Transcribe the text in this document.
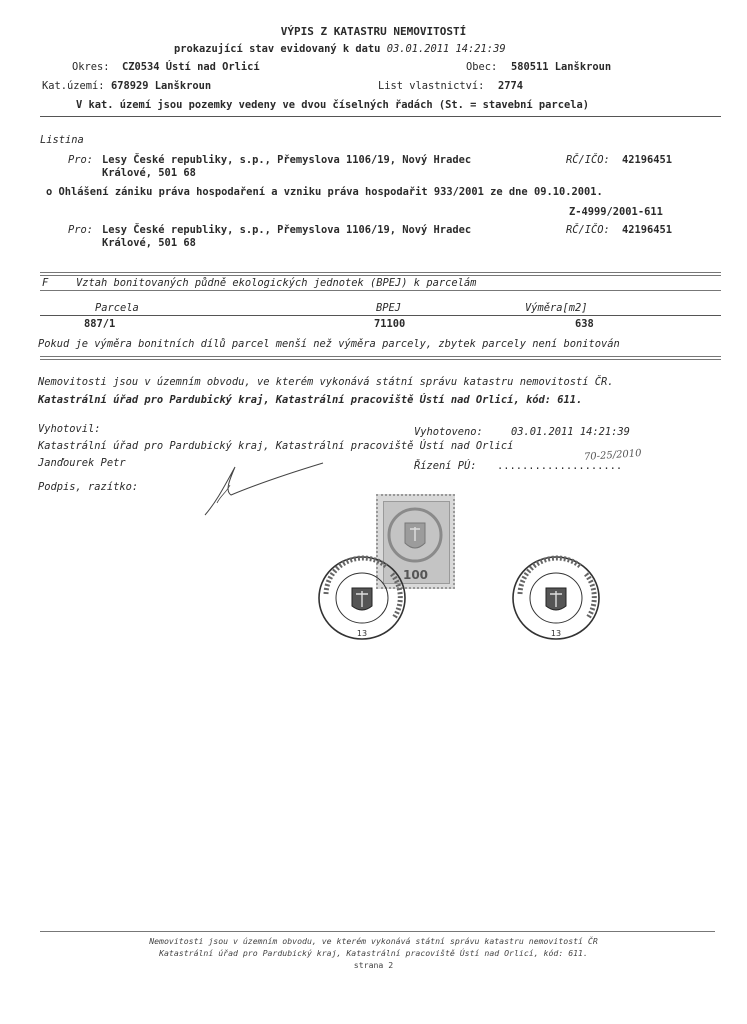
VÝPIS Z KATASTRU NEMOVITOSTÍ
prokazující stav evidovaný k datu 03.01.2011 14:21:39
Okres: CZ0534 Ústí nad Orlicí	Obec: 580511 Lanškroun
Kat.území: 678929 Lanškroun	List vlastnictví: 2774
V kat. území jsou pozemky vedeny ve dvou číselných řadách (St. = stavební parcela)
Listina
Pro: Lesy České republiky, s.p., Přemyslova 1106/19, Nový Hradec
Králové, 501 68
RČ/IČO: 42196451
o Ohlášení zániku práva hospodaření a vzniku práva hospodařit 933/2001 ze dne 09.10.2001.
Z-4999/2001-611
Pro: Lesy České republiky, s.p., Přemyslova 1106/19, Nový Hradec
Králové, 501 68
RČ/IČO: 42196451
F	Vztah bonitovaných půdně ekologických jednotek (BPEJ) k parcelám
Parcela	BPEJ	Výměra[m2]
887/1	71100	638
Pokud je výměra bonitních dílů parcel menší než výměra parcely, zbytek parcely není bonitován
Nemovitosti jsou v územním obvodu, ve kterém vykonává státní správu katastru nemovitostí ČR.
Katastrální úřad pro Pardubický kraj, Katastrální pracoviště Ústí nad Orlicí, kód: 611.
Vyhotovil:	Vyhotoveno:	03.01.2011 14:21:39
Katastrální úřad pro Pardubický kraj, Katastrální pracoviště Ústí nad Orlicí
Janďourek Petr	Řízení PÚ: ....................
70-25/2010
Podpis, razítko:
100
13	13
Nemovitosti jsou v územním obvodu, ve kterém vykonává státní správu katastru nemovitostí ČR
Katastrální úřad pro Pardubický kraj, Katastrální pracoviště Ústí nad Orlicí, kód: 611.
strana 2
